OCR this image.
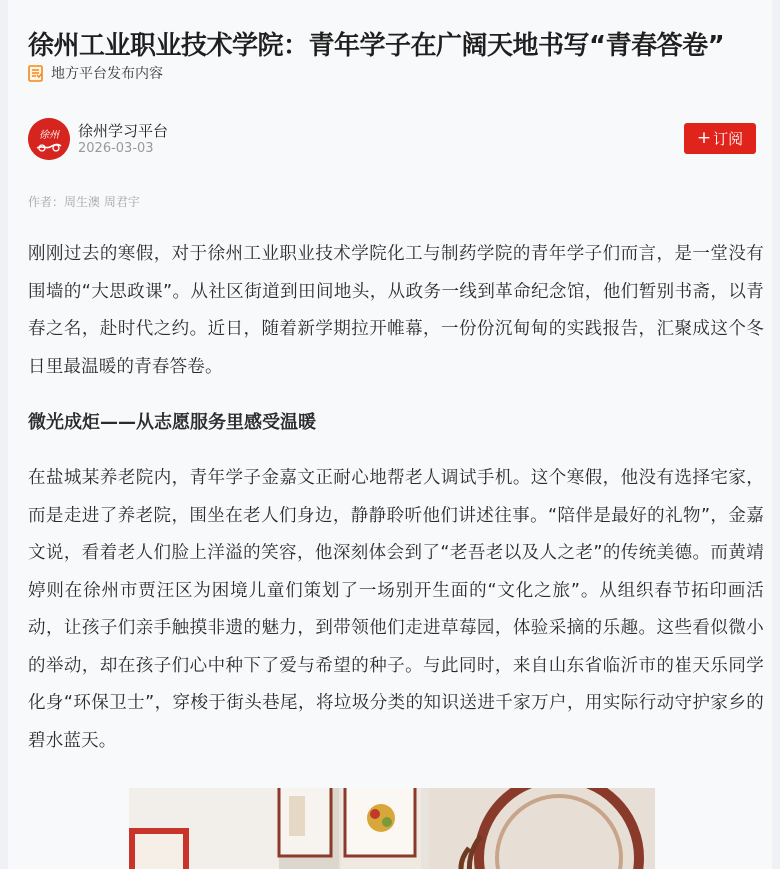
徐州工业职业技术学院：青年学子在广阔天地书写“青春答卷”
地方平台发布内容
徐州 徐州学习平台
2026-03-03
+ 订阅
作者：周生澳 周君宇

刚刚过去的寒假，对于徐州工业职业技术学院化工与制药学院的青年学子们而言，是一堂没有围墙的“大思政课”。从社区街道到田间地头，从政务一线到革命纪念馆，他们暂别书斋，以青春之名，赴时代之约。近日，随着新学期拉开帷幕，一份份沉甸甸的实践报告，汇聚成这个冬日里最温暖的青春答卷。

微光成炬——从志愿服务里感受温暖

在盐城某养老院内，青年学子金嘉文正耐心地帮老人调试手机。这个寒假，他没有选择宅家，而是走进了养老院，围坐在老人们身边，静静聆听他们讲述往事。“陪伴是最好的礼物”，金嘉文说，看着老人们脸上洋溢的笑容，他深刻体会到了“老吾老以及人之老”的传统美德。而黄靖婷则在徐州市贾汪区为困境儿童们策划了一场别开生面的“文化之旅”。从组织春节拓印画活动，让孩子们亲手触摸非遗的魅力，到带领他们走进草莓园，体验采摘的乐趣。这些看似微小的举动，却在孩子们心中种下了爱与希望的种子。与此同时，来自山东省临沂市的崔天乐同学化身“环保卫士”，穿梭于街头巷尾，将垃圾分类的知识送进千家万户，用实际行动守护家乡的碧水蓝天。
